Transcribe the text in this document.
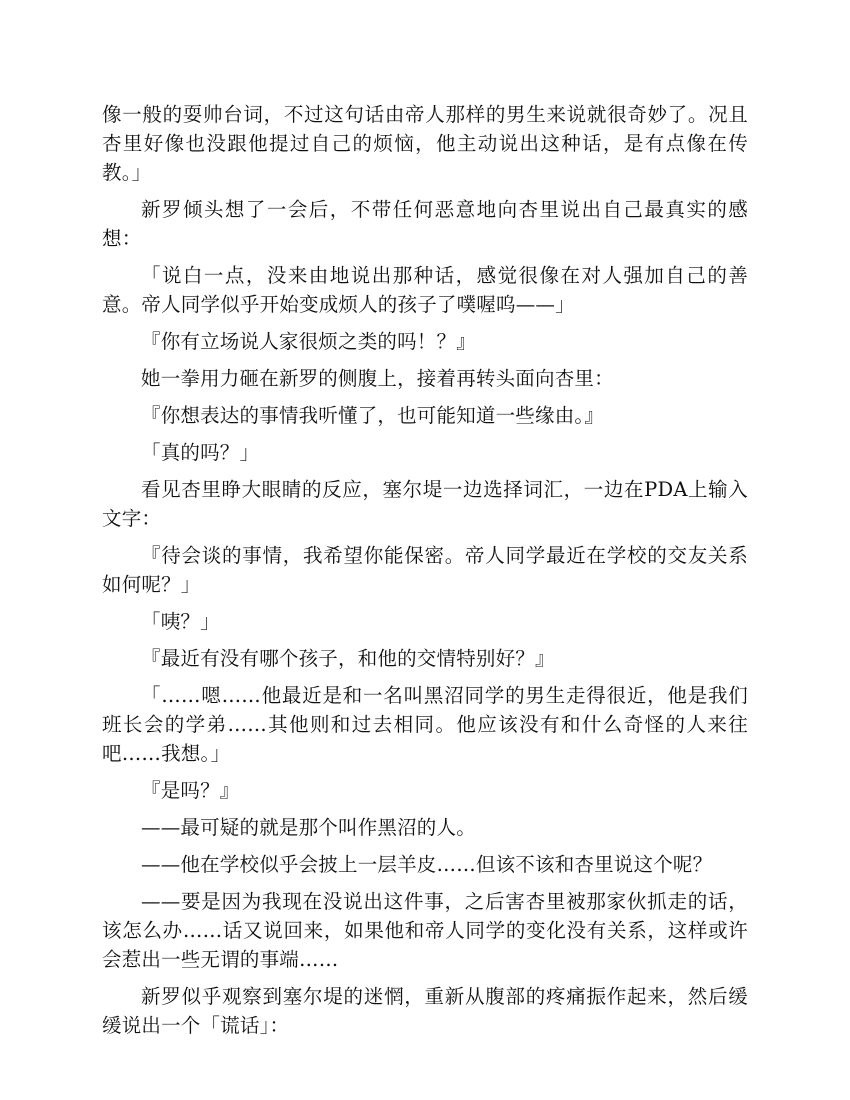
像一般的耍帅台词，不过这句话由帝人那样的男生来说就很奇妙了。况且杏里好像也没跟他提过自己的烦恼，他主动说出这种话，是有点像在传教。」

新罗倾头想了一会后，不带任何恶意地向杏里说出自己最真实的感想：

「说白一点，没来由地说出那种话，感觉很像在对人强加自己的善意。帝人同学似乎开始变成烦人的孩子了噗喔呜——」

『你有立场说人家很烦之类的吗！？』

她一拳用力砸在新罗的侧腹上，接着再转头面向杏里：

『你想表达的事情我听懂了，也可能知道一些缘由。』

「真的吗？」

看见杏里睁大眼睛的反应，塞尔堤一边选择词汇，一边在PDA上输入文字：

『待会谈的事情，我希望你能保密。帝人同学最近在学校的交友关系如何呢？」

「咦？」

『最近有没有哪个孩子，和他的交情特别好？』

「……嗯……他最近是和一名叫黑沼同学的男生走得很近，他是我们班长会的学弟……其他则和过去相同。他应该没有和什么奇怪的人来往吧……我想。」

『是吗？』

——最可疑的就是那个叫作黑沼的人。

——他在学校似乎会披上一层羊皮……但该不该和杏里说这个呢？

——要是因为我现在没说出这件事，之后害杏里被那家伙抓走的话，该怎么办……话又说回来，如果他和帝人同学的变化没有关系，这样或许会惹出一些无谓的事端……

新罗似乎观察到塞尔堤的迷惘，重新从腹部的疼痛振作起来，然后缓缓说出一个「谎话」：
